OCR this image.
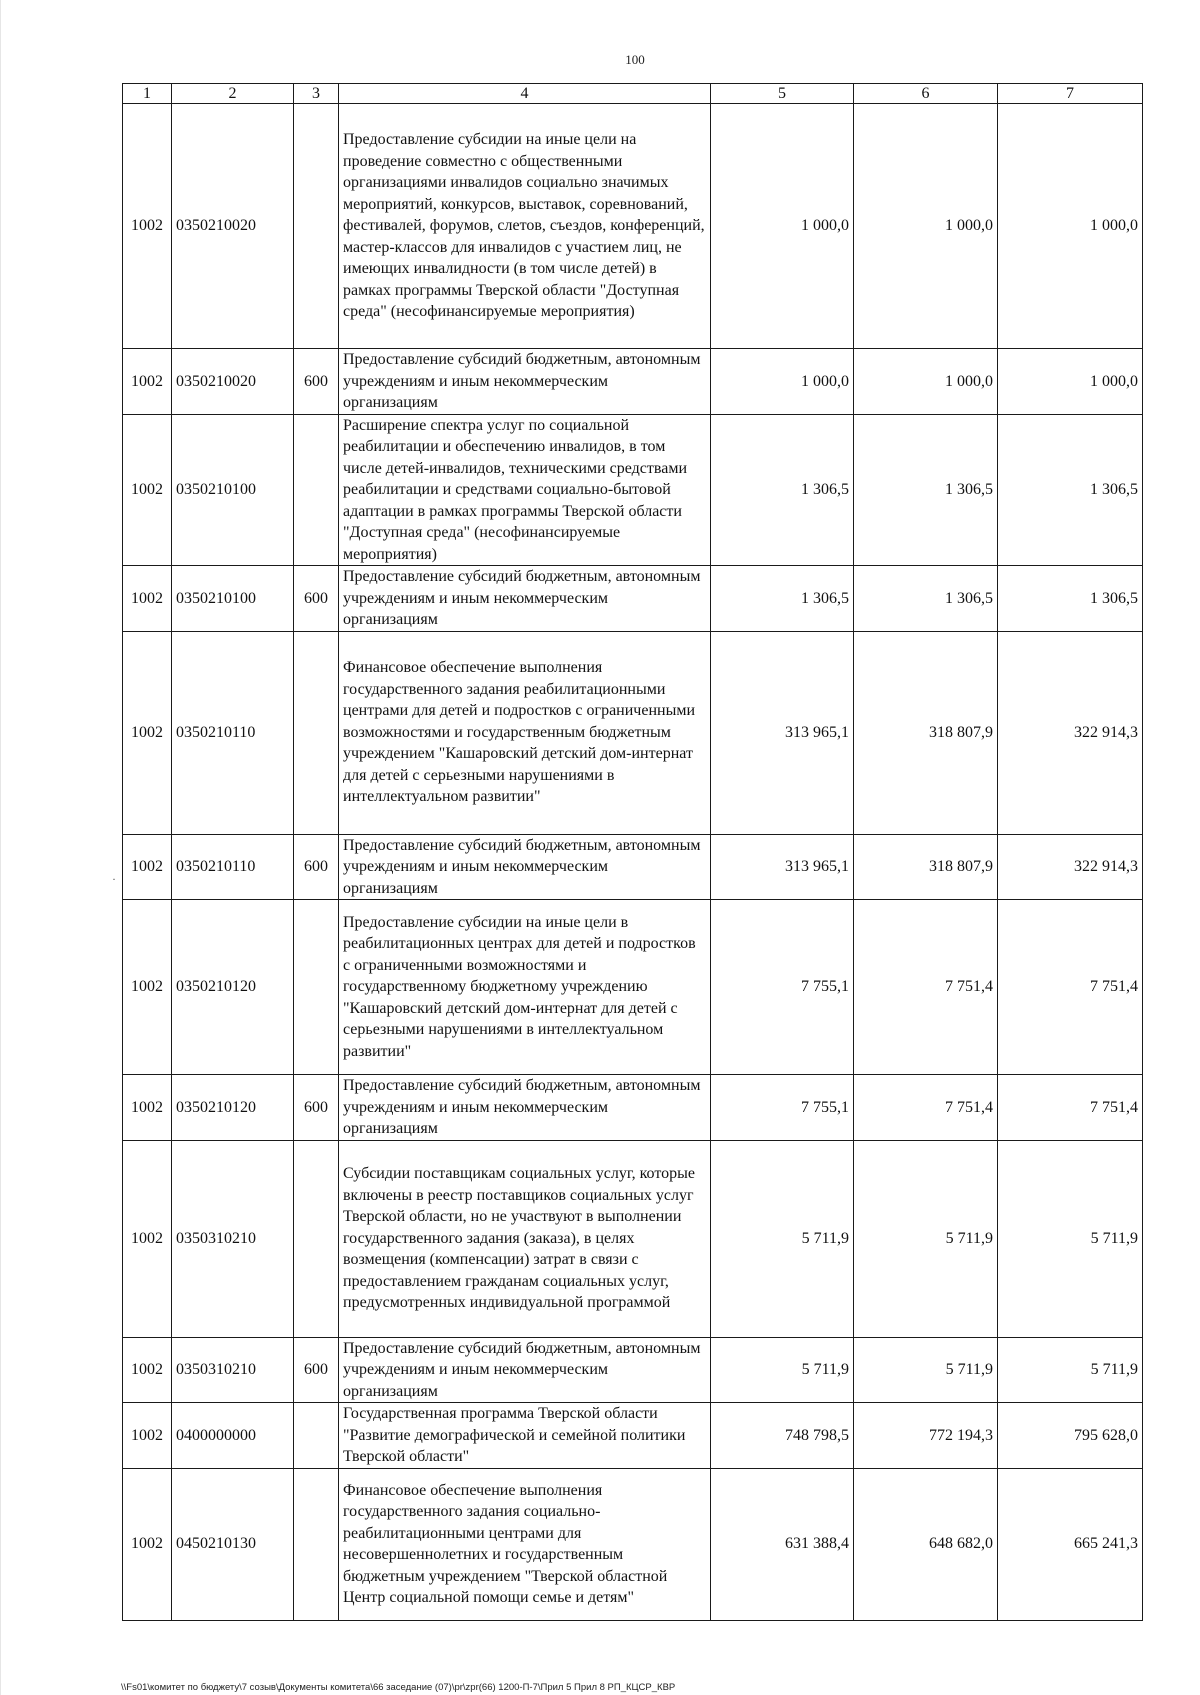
100
·
1	2	3	4	5	6	7
1002	0350210020		Предоставление субсидии на иные цели на проведение совместно с общественными организациями инвалидов социально значимых мероприятий, конкурсов, выставок, соревнований, фестивалей, форумов, слетов, съездов, конференций, мастер-классов для инвалидов с участием лиц, не имеющих инвалидности (в том числе детей) в рамках программы Тверской области "Доступная среда" (несофинансируемые мероприятия)	1 000,0	1 000,0	1 000,0
1002	0350210020	600	Предоставление субсидий бюджетным, автономным учреждениям и иным некоммерческим организациям	1 000,0	1 000,0	1 000,0
1002	0350210100		Расширение спектра услуг по социальной реабилитации и обеспечению инвалидов, в том числе детей-инвалидов, техническими средствами реабилитации и средствами социально-бытовой адаптации в рамках программы Тверской области "Доступная среда" (несофинансируемые мероприятия)	1 306,5	1 306,5	1 306,5
1002	0350210100	600	Предоставление субсидий бюджетным, автономным учреждениям и иным некоммерческим организациям	1 306,5	1 306,5	1 306,5
1002	0350210110		Финансовое обеспечение выполнения государственного задания реабилитационными центрами для детей и подростков с ограниченными возможностями и государственным бюджетным учреждением "Кашаровский детский дом-интернат для детей с серьезными нарушениями в интеллектуальном развитии"	313 965,1	318 807,9	322 914,3
1002	0350210110	600	Предоставление субсидий бюджетным, автономным учреждениям и иным некоммерческим организациям	313 965,1	318 807,9	322 914,3
1002	0350210120		Предоставление субсидии на иные цели в реабилитационных центрах для детей и подростков с ограниченными возможностями и государственному бюджетному учреждению "Кашаровский детский дом-интернат для детей с серьезными нарушениями в интеллектуальном развитии"	7 755,1	7 751,4	7 751,4
1002	0350210120	600	Предоставление субсидий бюджетным, автономным учреждениям и иным некоммерческим организациям	7 755,1	7 751,4	7 751,4
1002	0350310210		Субсидии поставщикам социальных услуг, которые включены в реестр поставщиков социальных услуг Тверской области, но не участвуют в выполнении государственного задания (заказа), в целях возмещения (компенсации) затрат в связи с предоставлением гражданам социальных услуг, предусмотренных индивидуальной программой	5 711,9	5 711,9	5 711,9
1002	0350310210	600	Предоставление субсидий бюджетным, автономным учреждениям и иным некоммерческим организациям	5 711,9	5 711,9	5 711,9
1002	0400000000		Государственная программа Тверской области "Развитие демографической и семейной политики Тверской области"	748 798,5	772 194,3	795 628,0
1002	0450210130		Финансовое обеспечение выполнения государственного задания социально-реабилитационными центрами для несовершеннолетних и государственным бюджетным учреждением "Тверской областной Центр социальной помощи семье и детям"	631 388,4	648 682,0	665 241,3
\\Fs01\комитет по бюджету\7 созыв\Документы комитета\66 заседание (07)\pr\zpr(66) 1200-П-7\Прил 5 Прил 8 РП_КЦСР_КВР
